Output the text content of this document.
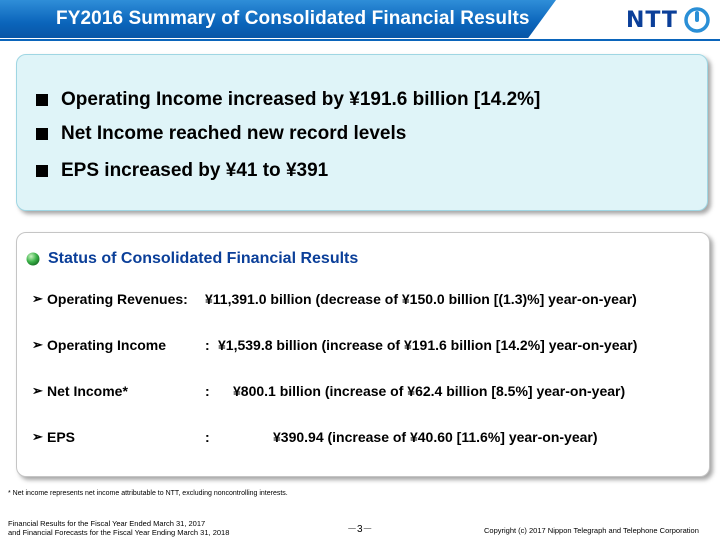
FY2016 Summary of Consolidated Financial Results	NTT
Operating Income increased by ¥191.6 billion [14.2%]
Net Income reached new record levels
EPS increased by ¥41 to ¥391
Status of Consolidated Financial Results
➢ Operating Revenues: ¥11,391.0 billion (decrease of ¥150.0 billion [(1.3)%] year-on-year)
➢ Operating Income	: ¥1,539.8 billion (increase of ¥191.6 billion [14.2%] year-on-year)
➢ Net Income*	: ¥800.1 billion (increase of ¥62.4 billion [8.5%] year-on-year)
➢ EPS	:	¥390.94 (increase of ¥40.60 [11.6%] year-on-year)
* Net income represents net income attributable to NTT, excluding noncontrolling interests.
Financial Results for the Fiscal Year Ended March 31, 2017
and Financial Forecasts for the Fiscal Year Ending March 31, 2018	－3－	Copyright (c) 2017 Nippon Telegraph and Telephone Corporation
